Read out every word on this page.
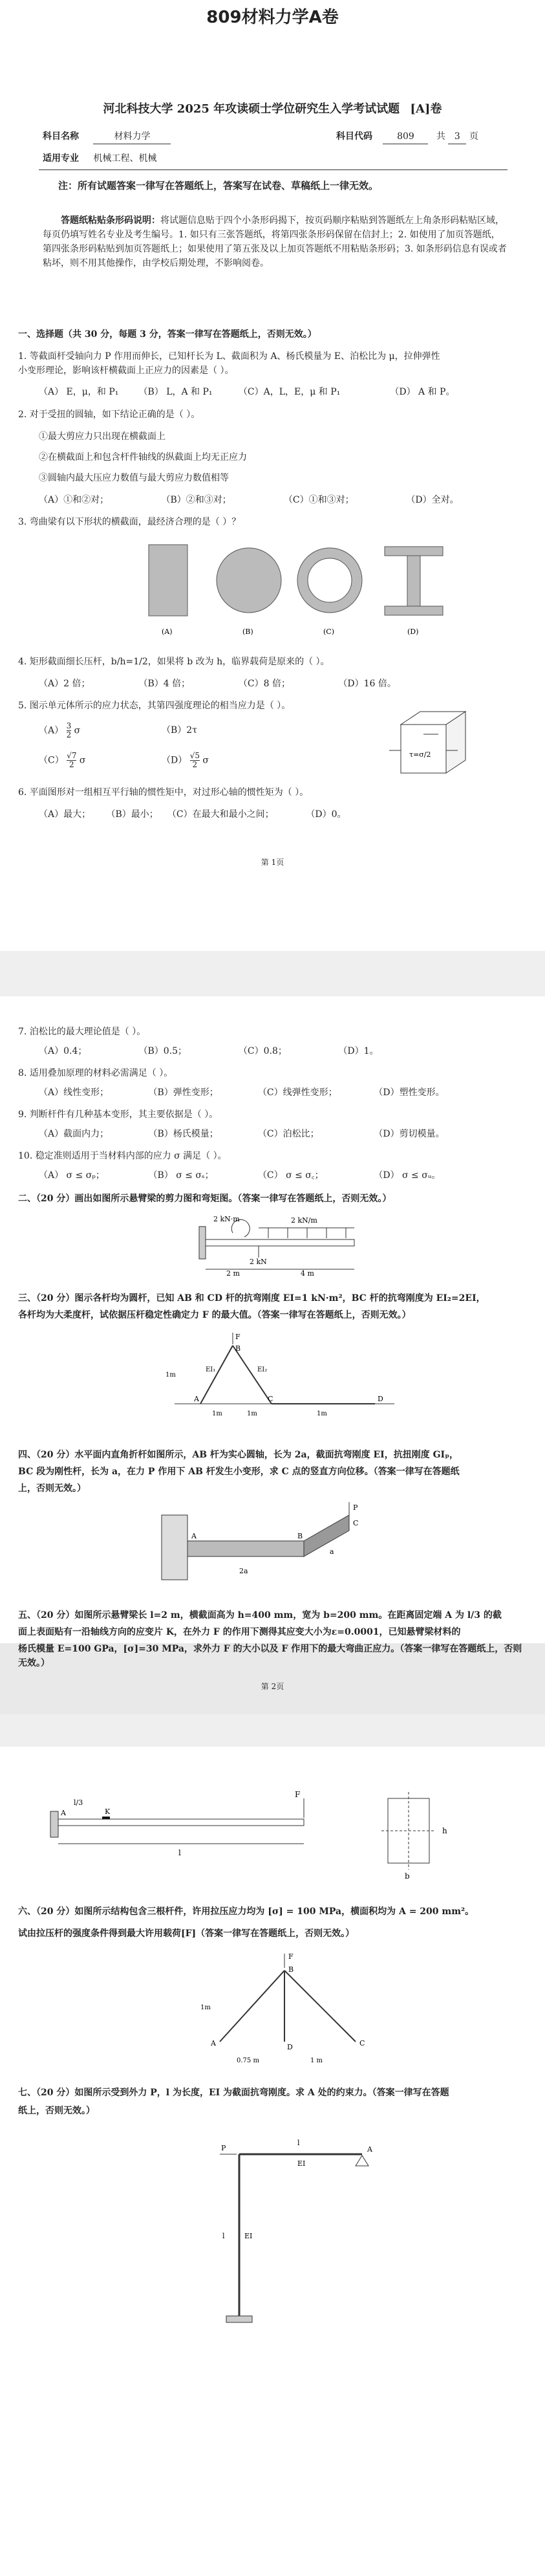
809材料力学A卷
河北科技大学 2025 年攻读硕士学位研究生入学考试试题 [A]卷
科目名称	材料力学	科目代码	809 共 3 页
适用专业 机械工程、机械
注：所有试题答案一律写在答题纸上，答案写在试卷、草稿纸上一律无效。
答题纸粘贴条形码说明：将试题信息贴于四个小条形码揭下，按页码顺序粘贴到答题纸左上角条形码粘贴区域，每页仍填写姓名专业及考生编号。1. 如只有三张答题纸，将第四张条形码保留在信封上；2. 如使用了加页答题纸，第四张条形码粘贴到加页答题纸上；如果使用了第五张及以上加页答题纸不用粘贴条形码；3. 如条形码信息有误或者粘坏，则不用其他操作，由学校后期处理，不影响阅卷。
一、选择题（共 30 分，每题 3 分，答案一律写在答题纸上，否则无效。）
1. 等截面杆受轴向力 P 作用而伸长，已知杆长为 L、截面积为 A、杨氏模量为 E、泊松比为 μ，拉伸弹性
小变形理论，影响该杆横截面上正应力的因素是（ ）。
（A） E，μ，和 P₁ （B） L，A 和 P₁	（C）A，L，E，μ 和 P₁	（D） A 和 P。
2. 对于受扭的圆轴，如下结论正确的是（ ）。
①最大剪应力只出现在横截面上
②在横截面上和包含杆件轴线的纵截面上均无正应力
③圆轴内最大压应力数值与最大剪应力数值相等
（A）①和②对；	（B）②和③对；	（C）①和③对；	（D）全对。
3. 弯曲梁有以下形状的横截面，最经济合理的是（ ）？
(A)	(B)	(C)	(D)
4. 矩形截面细长压杆，b/h=1/2，如果将 b 改为 h，临界载荷是原来的（ ）。
（A）2 倍；	（B）4 倍；	（C）8 倍；	（D）16 倍。
5. 图示单元体所示的应力状态，其第四强度理论的相当应力是（ ）。
$(A) \frac{3}{2}$ σ	（B）2τ
$(C) \frac{√7}{2}$ σ	$(D) \frac{√5}{2}$ σ
τ=σ/2
6. 平面图形对一组相互平行轴的惯性矩中，对过形心轴的惯性矩为（ ）。
（A）最大； （B）最小； （C）在最大和最小之间；	（D）0。
第 1页
7. 泊松比的最大理论值是（ ）。
（A）0.4；	（B）0.5；	（C）0.8；	（D）1。
8. 适用叠加原理的材料必需满足（ ）。
（A）线性变形；	（B）弹性变形；	（C）线弹性变形；	（D）塑性变形。
9. 判断杆件有几种基本变形，其主要依据是（ ）。
（A）截面内力；	（B）杨氏模量；	（C）泊松比；	（D）剪切模量。
10. 稳定准则适用于当材料内部的应力 σ 满足（ ）。
（A） σ ≤ σₚ；	（B） σ ≤ σₛ；	（C） σ ≤ σ꜀；	（D） σ ≤ σᵤ。
二、（20 分）画出如图所示悬臂梁的剪力图和弯矩图。（答案一律写在答题纸上，否则无效。）
2 kN·m	2 kN/m
2 kN
2 m	4 m
三、（20 分）图示各杆均为圆杆，已知 AB 和 CD 杆的抗弯刚度 EI=1 kN·m²，BC 杆的抗弯刚度为 EI₂=2EI，
各杆均为大柔度杆，试依据压杆稳定性确定力 F 的最大值。（答案一律写在答题纸上，否则无效。）
F
B
A	C	D
EI₁	EI₂
1m
1m	1m	1m
四、（20 分）水平面内直角折杆如图所示，AB 杆为实心圆轴，长为 2a，截面抗弯刚度 EI，抗扭刚度 GIₚ，
BC 段为刚性杆，长为 a，在力 P 作用下 AB 杆发生小变形，求 C 点的竖直方向位移。（答案一律写在答题纸
上，否则无效。）
P
A	B
C
2a
a
五、（20 分）如图所示悬臂梁长 l=2 m，横截面高为 h=400 mm，宽为 b=200 mm。在距离固定端 A 为 l/3 的截
面上表面贴有一沿轴线方向的应变片 K，在外力 F 的作用下测得其应变大小为ε=0.0001，已知悬臂梁材料的
杨氏模量 E=100 GPa，[σ]=30 MPa，求外力 F 的大小以及 F 作用下的最大弯曲正应力。（答案一律写在答题纸上，否则无效。）
第 2页
F
A	K
l/3
l
h
b
六、（20 分）如图所示结构包含三根杆件，许用拉压应力均为 [σ] = 100 MPa，横面积均为 A = 200 mm²。
试由拉压杆的强度条件得到最大许用载荷[F]（答案一律写在答题纸上，否则无效。）
F
B
A	D	C
1m
0.75 m	1 m
七、（20 分）如图所示受到外力 P，l 为长度，EI 为截面抗弯刚度。求 A 处的约束力。（答案一律写在答题
纸上，否则无效。）
P	A
EI
EI
l
l
